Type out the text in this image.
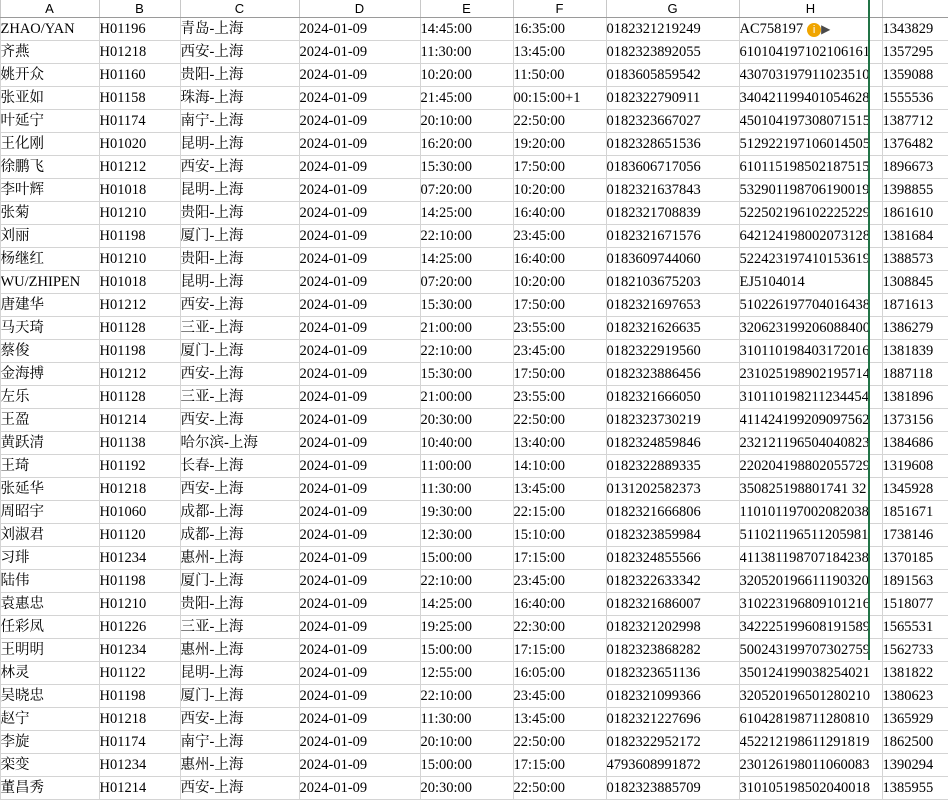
	A	B	C	D	E	F	G	H	
	ZHAO/YAN	H01196	青岛-上海	2024-01-09	14:45:00	16:35:00	0182321219249	AC758197 i ▶	1343829
	齐燕	H01218	西安-上海	2024-01-09	11:30:00	13:45:00	0182323892055	610104197102106161	1357295
	姚开众	H01160	贵阳-上海	2024-01-09	10:20:00	11:50:00	0183605859542	430703197911023510	1359088
	张亚如	H01158	珠海-上海	2024-01-09	21:45:00	00:15:00+1	0182322790911	340421199401054628	1555536
	叶延宁	H01174	南宁-上海	2024-01-09	20:10:00	22:50:00	0182323667027	450104197308071515	1387712
	王化刚	H01020	昆明-上海	2024-01-09	16:20:00	19:20:00	0182328651536	512922197106014505	1376482
	徐鹏飞	H01212	西安-上海	2024-01-09	15:30:00	17:50:00	0183606717056	610115198502187515	1896673
	李叶辉	H01018	昆明-上海	2024-01-09	07:20:00	10:20:00	0182321637843	532901198706190019	1398855
	张菊	H01210	贵阳-上海	2024-01-09	14:25:00	16:40:00	0182321708839	522502196102225229	1861610
	刘丽	H01198	厦门-上海	2024-01-09	22:10:00	23:45:00	0182321671576	642124198002073128	1381684
	杨继红	H01210	贵阳-上海	2024-01-09	14:25:00	16:40:00	0183609744060	522423197410153619	1388573
	WU/ZHIPEN	H01018	昆明-上海	2024-01-09	07:20:00	10:20:00	0182103675203	EJ5104014	1308845
	唐建华	H01212	西安-上海	2024-01-09	15:30:00	17:50:00	0182321697653	510226197704016438	1871613
	马天琦	H01128	三亚-上海	2024-01-09	21:00:00	23:55:00	0182321626635	320623199206088400	1386279
	蔡俊	H01198	厦门-上海	2024-01-09	22:10:00	23:45:00	0182322919560	310110198403172016	1381839
	金海搏	H01212	西安-上海	2024-01-09	15:30:00	17:50:00	0182323886456	231025198902195714	1887118
	左乐	H01128	三亚-上海	2024-01-09	21:00:00	23:55:00	0182321666050	310110198211234454	1381896
	王盈	H01214	西安-上海	2024-01-09	20:30:00	22:50:00	0182323730219	411424199209097562	1373156
	黄跃清	H01138	哈尔滨-上海	2024-01-09	10:40:00	13:40:00	0182324859846	232121196504040823	1384686
	王琦	H01192	长春-上海	2024-01-09	11:00:00	14:10:00	0182322889335	220204198802055729	1319608
	张延华	H01218	西安-上海	2024-01-09	11:30:00	13:45:00	0131202582373	350825198801741 32	1345928
	周昭宇	H01060	成都-上海	2024-01-09	19:30:00	22:15:00	0182321666806	110101197002082038	1851671
	刘淑君	H01120	成都-上海	2024-01-09	12:30:00	15:10:00	0182323859984	511021196511205981	1738146
	习琲	H01234	惠州-上海	2024-01-09	15:00:00	17:15:00	0182324855566	411381198707184238	1370185
	陆伟	H01198	厦门-上海	2024-01-09	22:10:00	23:45:00	0182322633342	320520196611190320	1891563
	袁惠忠	H01210	贵阳-上海	2024-01-09	14:25:00	16:40:00	0182321686007	310223196809101216	1518077
	任彩凤	H01226	三亚-上海	2024-01-09	19:25:00	22:30:00	0182321202998	342225199608191589	1565531
	王明明	H01234	惠州-上海	2024-01-09	15:00:00	17:15:00	0182323868282	500243199707302759	1562733
	林灵	H01122	昆明-上海	2024-01-09	12:55:00	16:05:00	0182323651136	350124199038254021	1381822
	吴晓忠	H01198	厦门-上海	2024-01-09	22:10:00	23:45:00	0182321099366	320520196501280210	1380623
	赵宁	H01218	西安-上海	2024-01-09	11:30:00	13:45:00	0182321227696	610428198711280810	1365929
	李旋	H01174	南宁-上海	2024-01-09	20:10:00	22:50:00	0182322952172	452212198611291819	1862500
	栾变	H01234	惠州-上海	2024-01-09	15:00:00	17:15:00	4793608991872	230126198011060083	1390294
	董昌秀	H01214	西安-上海	2024-01-09	20:30:00	22:50:00	0182323885709	310105198502040018	1385955
